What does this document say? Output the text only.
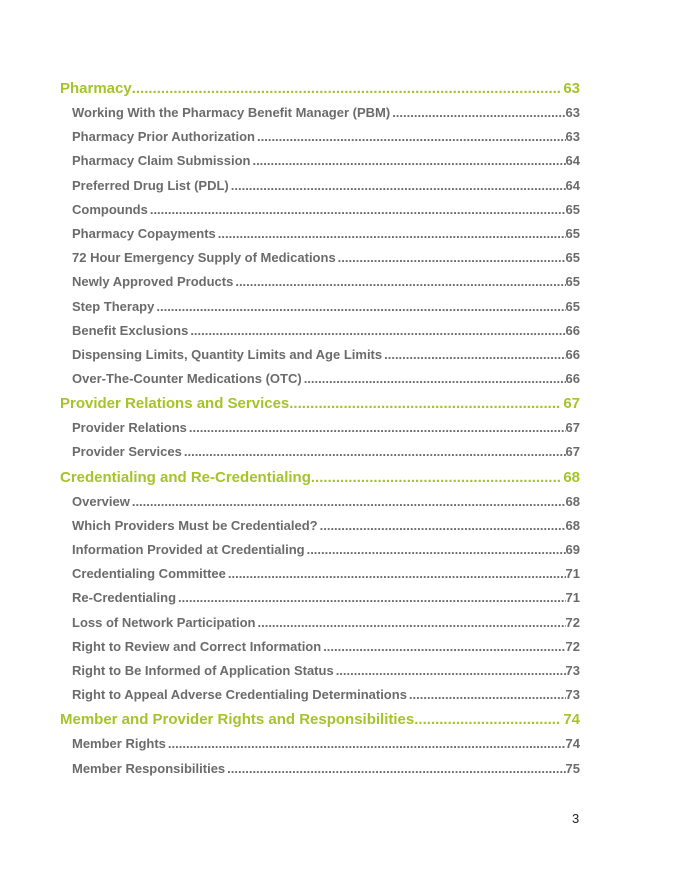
Pharmacy .....	63
Working With the Pharmacy Benefit Manager (PBM) .....	63
Pharmacy Prior Authorization .....	63
Pharmacy Claim Submission .....	64
Preferred Drug List (PDL) .....	64
Compounds .....	65
Pharmacy Copayments .....	65
72 Hour Emergency Supply of Medications .....	65
Newly Approved Products .....	65
Step Therapy .....	65
Benefit Exclusions .....	66
Dispensing Limits, Quantity Limits and Age Limits .....	66
Over-The-Counter Medications (OTC) .....	66
Provider Relations and Services .....	67
Provider Relations .....	67
Provider Services .....	67
Credentialing and Re-Credentialing .....	68
Overview .....	68
Which Providers Must be Credentialed? .....	68
Information Provided at Credentialing .....	69
Credentialing Committee .....	71
Re-Credentialing .....	71
Loss of Network Participation .....	72
Right to Review and Correct Information .....	72
Right to Be Informed of Application Status .....	73
Right to Appeal Adverse Credentialing Determinations .....	73
Member and Provider Rights and Responsibilities .....	74
Member Rights .....	74
Member Responsibilities .....	75
3
